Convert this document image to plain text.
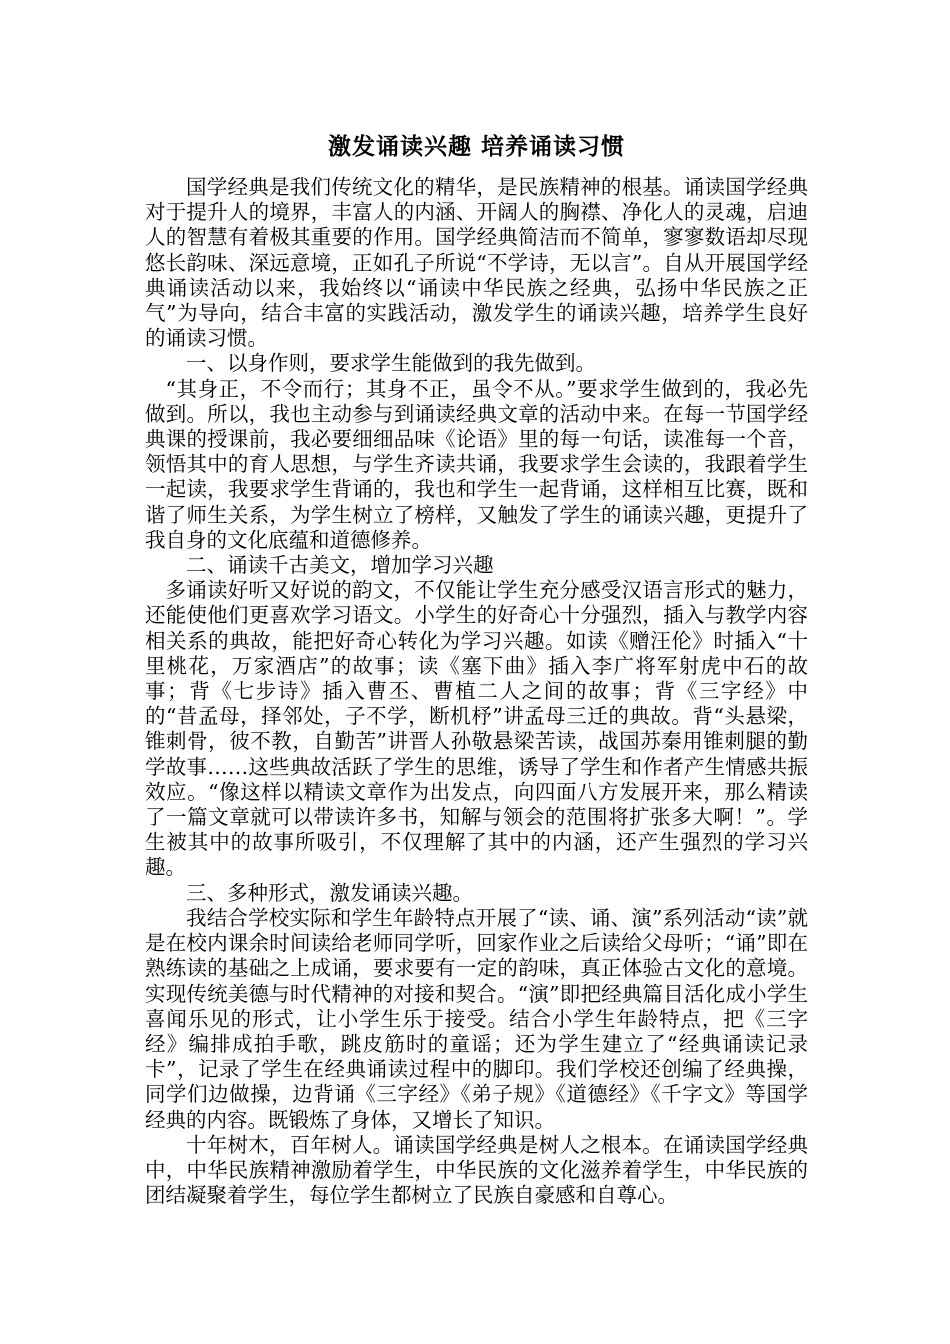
激发诵读兴趣 培养诵读习惯

国学经典是我们传统文化的精华，是民族精神的根基。诵读国学经典对于提升人的境界，丰富人的内涵、开阔人的胸襟、净化人的灵魂，启迪人的智慧有着极其重要的作用。国学经典简洁而不简单，寥寥数语却尽现悠长韵味、深远意境，正如孔子所说“不学诗，无以言”。自从开展国学经典诵读活动以来，我始终以“诵读中华民族之经典，弘扬中华民族之正气”为导向，结合丰富的实践活动，激发学生的诵读兴趣，培养学生良好的诵读习惯。

一、以身作则，要求学生能做到的我先做到。

“其身正，不令而行；其身不正，虽令不从。”要求学生做到的，我必先做到。所以，我也主动参与到诵读经典文章的活动中来。在每一节国学经典课的授课前，我必要细细品味《论语》里的每一句话，读准每一个音，领悟其中的育人思想，与学生齐读共诵，我要求学生会读的，我跟着学生一起读，我要求学生背诵的，我也和学生一起背诵，这样相互比赛，既和谐了师生关系，为学生树立了榜样，又触发了学生的诵读兴趣，更提升了我自身的文化底蕴和道德修养。

二、诵读千古美文，增加学习兴趣

多诵读好听又好说的韵文，不仅能让学生充分感受汉语言形式的魅力，还能使他们更喜欢学习语文。小学生的好奇心十分强烈，插入与教学内容相关系的典故，能把好奇心转化为学习兴趣。如读《赠汪伦》时插入“十里桃花，万家酒店”的故事；读《塞下曲》插入李广将军射虎中石的故事；背《七步诗》插入曹丕、曹植二人之间的故事；背《三字经》中的“昔孟母，择邻处，子不学，断机杼”讲孟母三迁的典故。背“头悬梁，锥刺骨，彼不教，自勤苦”讲晋人孙敬悬梁苦读，战国苏秦用锥刺腿的勤学故事……这些典故活跃了学生的思维，诱导了学生和作者产生情感共振效应。“像这样以精读文章作为出发点，向四面八方发展开来，那么精读了一篇文章就可以带读许多书，知解与领会的范围将扩张多大啊！”。学生被其中的故事所吸引，不仅理解了其中的内涵，还产生强烈的学习兴趣。

三、多种形式，激发诵读兴趣。

我结合学校实际和学生年龄特点开展了“读、诵、演”系列活动“读”就是在校内课余时间读给老师同学听，回家作业之后读给父母听；“诵”即在熟练读的基础之上成诵，要求要有一定的韵味，真正体验古文化的意境。实现传统美德与时代精神的对接和契合。“演”即把经典篇目活化成小学生喜闻乐见的形式，让小学生乐于接受。结合小学生年龄特点，把《三字经》编排成拍手歌，跳皮筋时的童谣；还为学生建立了“经典诵读记录卡”，记录了学生在经典诵读过程中的脚印。我们学校还创编了经典操，同学们边做操，边背诵《三字经》《弟子规》《道德经》《千字文》等国学经典的内容。既锻炼了身体，又增长了知识。

十年树木，百年树人。诵读国学经典是树人之根本。在诵读国学经典中，中华民族精神激励着学生，中华民族的文化滋养着学生，中华民族的团结凝聚着学生，每位学生都树立了民族自豪感和自尊心。
